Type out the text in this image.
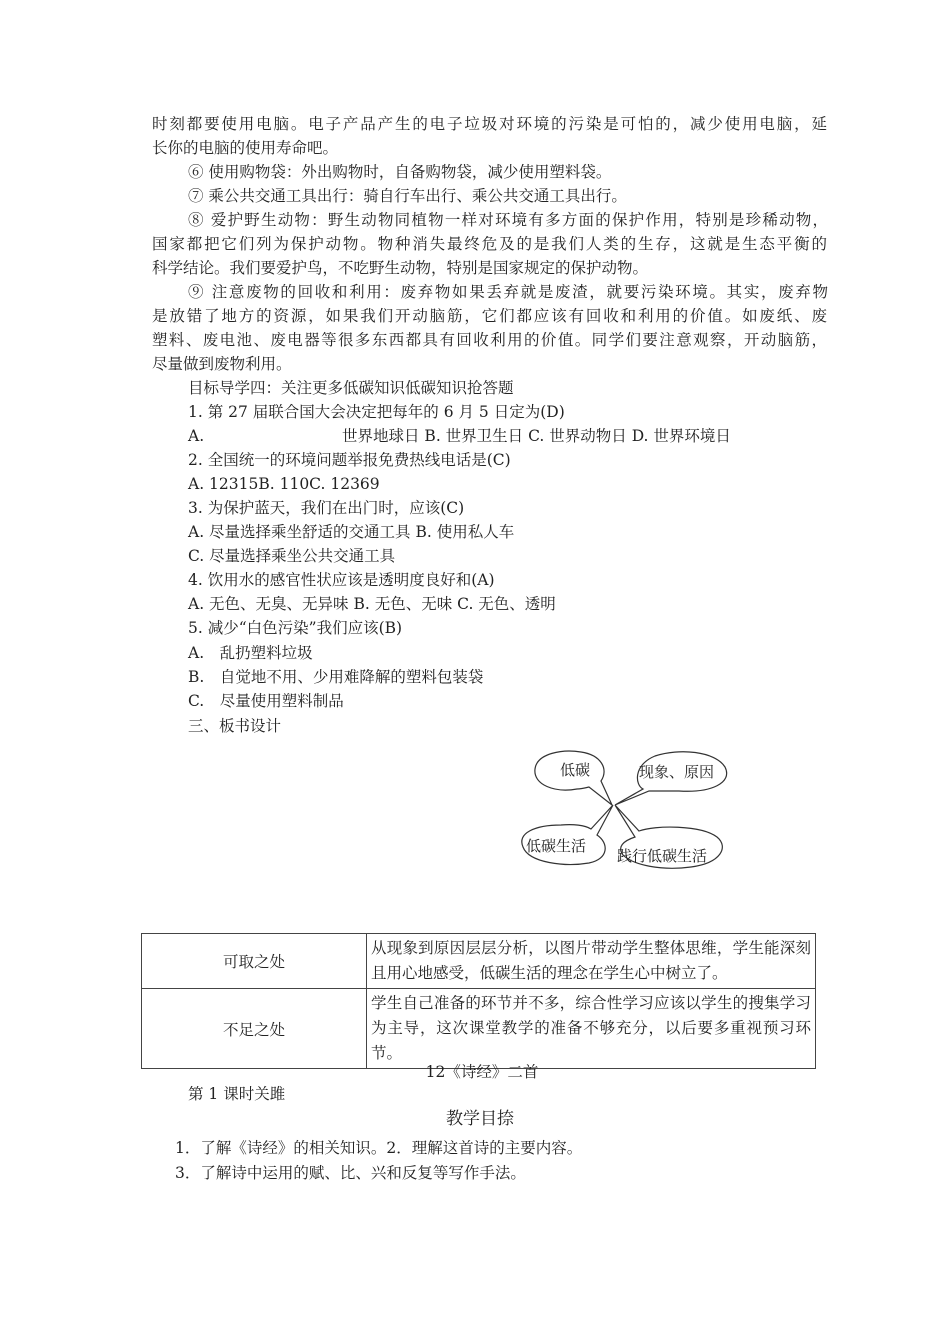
时刻都要使用电脑。电子产品产生的电子垃圾对环境的污染是可怕的，减少使用电脑，延
长你的电脑的使用寿命吧。
⑥ 使用购物袋：外出购物时，自备购物袋，减少使用塑料袋。
⑦ 乘公共交通工具出行：骑自行车出行、乘公共交通工具出行。
⑧ 爱护野生动物：野生动物同植物一样对环境有多方面的保护作用，特别是珍稀动物，
国家都把它们列为保护动物。物种消失最终危及的是我们人类的生存，这就是生态平衡的
科学结论。我们要爱护鸟，不吃野生动物，特别是国家规定的保护动物。
⑨ 注意废物的回收和利用：废弃物如果丢弃就是废渣，就要污染环境。其实，废弃物
是放错了地方的资源，如果我们开动脑筋，它们都应该有回收和利用的价值。如废纸、废
塑料、废电池、废电器等很多东西都具有回收利用的价值。同学们要注意观察，开动脑筋，
尽量做到废物利用。
目标导学四：关注更多低碳知识低碳知识抢答题
1. 第 27 届联合国大会决定把每年的 6 月 5 日定为(D)
A.	世界地球日 B. 世界卫生日 C. 世界动物日 D. 世界环境日
2. 全国统一的环境问题举报免费热线电话是(C)
A. 12315B. 110C. 12369
3. 为保护蓝天，我们在出门时，应该(C)
A. 尽量选择乘坐舒适的交通工具 B. 使用私人车
C. 尽量选择乘坐公共交通工具
4. 饮用水的感官性状应该是透明度良好和(A)
A. 无色、无臭、无异味 B. 无色、无味 C. 无色、透明
5. 减少“白色污染”我们应该(B)
A.　乱扔塑料垃圾
B.　自觉地不用、少用难降解的塑料包装袋
C.　尽量使用塑料制品
三、板书设计
低碳	现象、原因
低碳生活
践行低碳生活
可取之处	从现象到原因层层分析，以图片带动学生整体思维，学生能深刻且用心地感受，低碳生活的理念在学生心中树立了。
不足之处	学生自己准备的环节并不多，综合性学习应该以学生的搜集学习为主导，这次课堂教学的准备不够充分，以后要多重视预习环节。
12《诗经》二首
第 1 课时关雎
教学目捺
1．了解《诗经》的相关知识。2．理解这首诗的主要内容。
3．了解诗中运用的赋、比、兴和反复等写作手法。
